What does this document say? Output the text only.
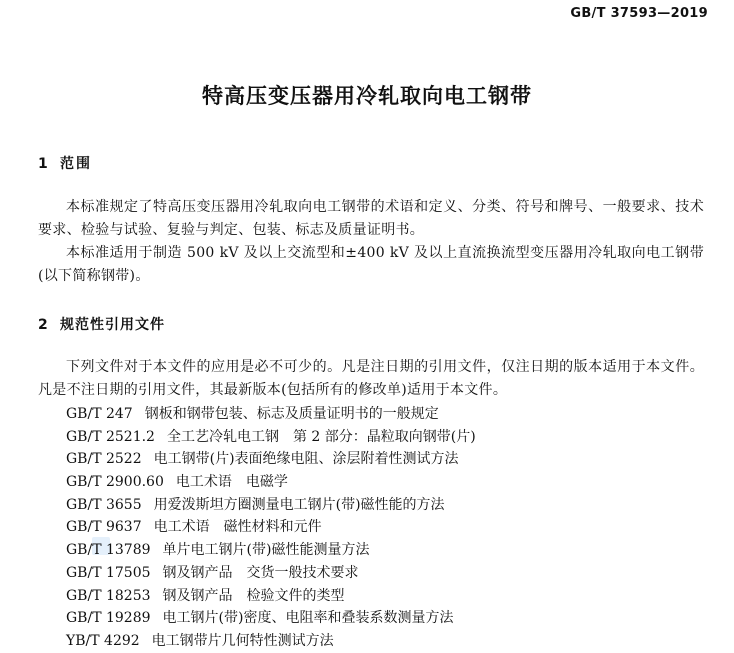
GB/T 37593—2019
特高压变压器用冷轧取向电工钢带
1 范围
本标准规定了特高压变压器用冷轧取向电工钢带的术语和定义、分类、符号和牌号、一般要求、技术要求、检验与试验、复验与判定、包装、标志及质量证明书。
本标准适用于制造 500 kV 及以上交流型和±400 kV 及以上直流换流型变压器用冷轧取向电工钢带(以下简称钢带)。
2 规范性引用文件
下列文件对于本文件的应用是必不可少的。凡是注日期的引用文件，仅注日期的版本适用于本文件。凡是不注日期的引用文件，其最新版本(包括所有的修改单)适用于本文件。
GB/T 247 钢板和钢带包装、标志及质量证明书的一般规定
GB/T 2521.2 全工艺冷轧电工钢　第 2 部分：晶粒取向钢带(片)
GB/T 2522 电工钢带(片)表面绝缘电阻、涂层附着性测试方法
GB/T 2900.60 电工术语　电磁学
GB/T 3655 用爱泼斯坦方圈测量电工钢片(带)磁性能的方法
GB/T 9637 电工术语　磁性材料和元件
GB/T 13789 单片电工钢片(带)磁性能测量方法
GB/T 17505 钢及钢产品　交货一般技术要求
GB/T 18253 钢及钢产品　检验文件的类型
GB/T 19289 电工钢片(带)密度、电阻率和叠装系数测量方法
YB/T 4292 电工钢带片几何特性测试方法
